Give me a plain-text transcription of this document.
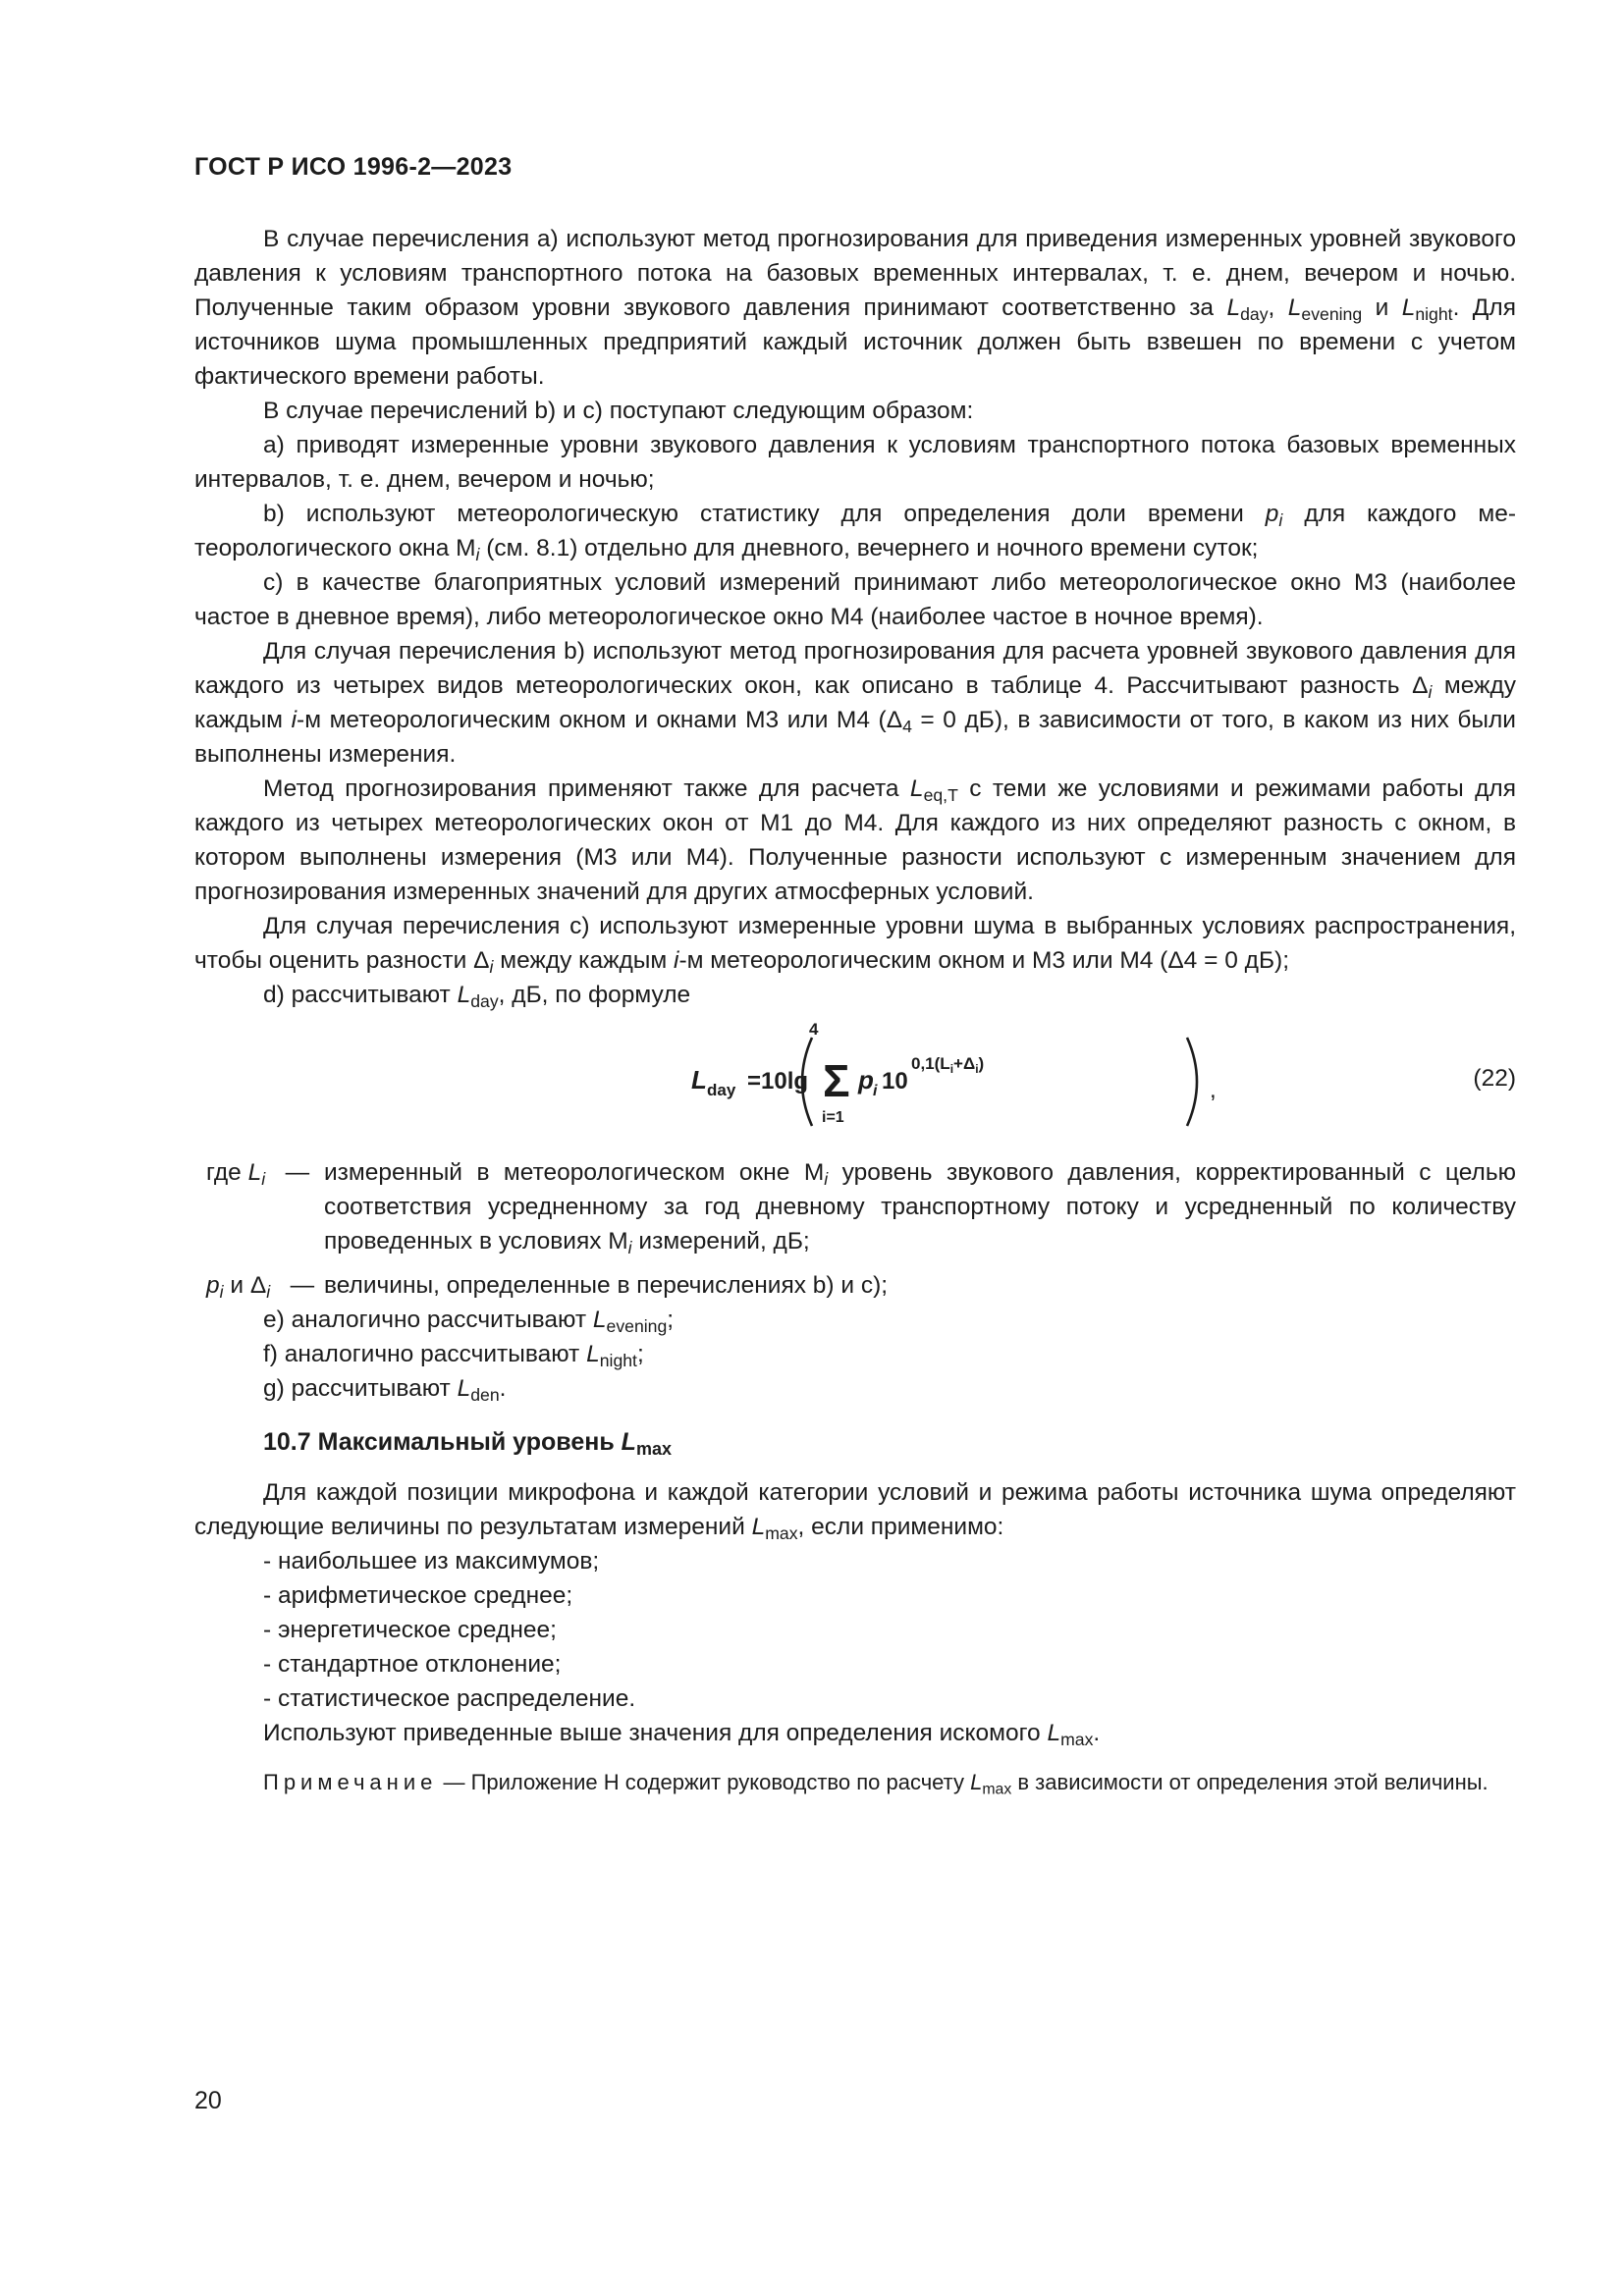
ГОСТ Р ИСО 1996-2—2023

В случае перечисления а) используют метод прогнозирования для приведения измеренных уровней звукового давления к условиям транспортного потока на базовых временных интервалах, т. е. днем, вечером и ночью. Полученные таким образом уровни звукового давления принимают соответственно за $L_{day}$, $L_{evening}$ и $L_{night}$. Для источников шума промышленных предприятий каждый источник должен быть взвешен по времени с учетом фактического времени работы.

В случае перечислений b) и с) поступают следующим образом:

а) приводят измеренные уровни звукового давления к условиям транспортного потока базовых временных интервалов, т. е. днем, вечером и ночью;

b) используют метеорологическую статистику для определения доли времени $p_i$ для каждого метеорологического окна $М_i$ (см. 8.1) отдельно для дневного, вечернего и ночного времени суток;

с) в качестве благоприятных условий измерений принимают либо метеорологическое окно М3 (наиболее частое в дневное время), либо метеорологическое окно М4 (наиболее частое в ночное время).

Для случая перечисления b) используют метод прогнозирования для расчета уровней звукового давления для каждого из четырех видов метеорологических окон, как описано в таблице 4. Рассчитывают разность $\Delta_i$ между каждым i-м метеорологическим окном и окнами М3 или М4 ($\Delta_4 = 0$ дБ), в зависимости от того, в каком из них были выполнены измерения.

Метод прогнозирования применяют также для расчета $L_{eq,T}$ с теми же условиями и режимами работы для каждого из четырех метеорологических окон от М1 до М4. Для каждого из них определяют разность с окном, в котором выполнены измерения (М3 или М4). Полученные разности используют с измеренным значением для прогнозирования измеренных значений для других атмосферных условий.

Для случая перечисления с) используют измеренные уровни шума в выбранных условиях распространения, чтобы оценить разности $\Delta_i$ между каждым i-м метеорологическим окном и М3 или М4 (Δ4 = 0 дБ);

d) рассчитывают $L_{day}$, дБ, по формуле

L day =10lg
4
Σ
i=1
p i 10
$0,1(L_i+\Delta_i)$
,	(22)
где $L_i$ — измеренный в метеорологическом окне $М_i$ уровень звукового давления, корректированный с целью соответствия усредненному за год дневному транспортному потоку и усредненный по количеству проведенных в условиях $М_i$ измерений, дБ;
$p_i$ и $\Delta_i$ — величины, определенные в перечислениях b) и с);

е) аналогично рассчитывают $L_{evening}$;

f) аналогично рассчитывают $L_{night}$;

g) рассчитывают $L_{den}$.

10.7 Максимальный уровень $L_{max}$

Для каждой позиции микрофона и каждой категории условий и режима работы источника шума определяют следующие величины по результатам измерений $L_{max}$, если применимо:

- наибольшее из максимумов;

- арифметическое среднее;

- энергетическое среднее;

- стандартное отклонение;

- статистическое распределение.

Используют приведенные выше значения для определения искомого $L_{max}$.

Примечание — Приложение Н содержит руководство по расчету $L_{max}$ в зависимости от определения этой величины.

20
